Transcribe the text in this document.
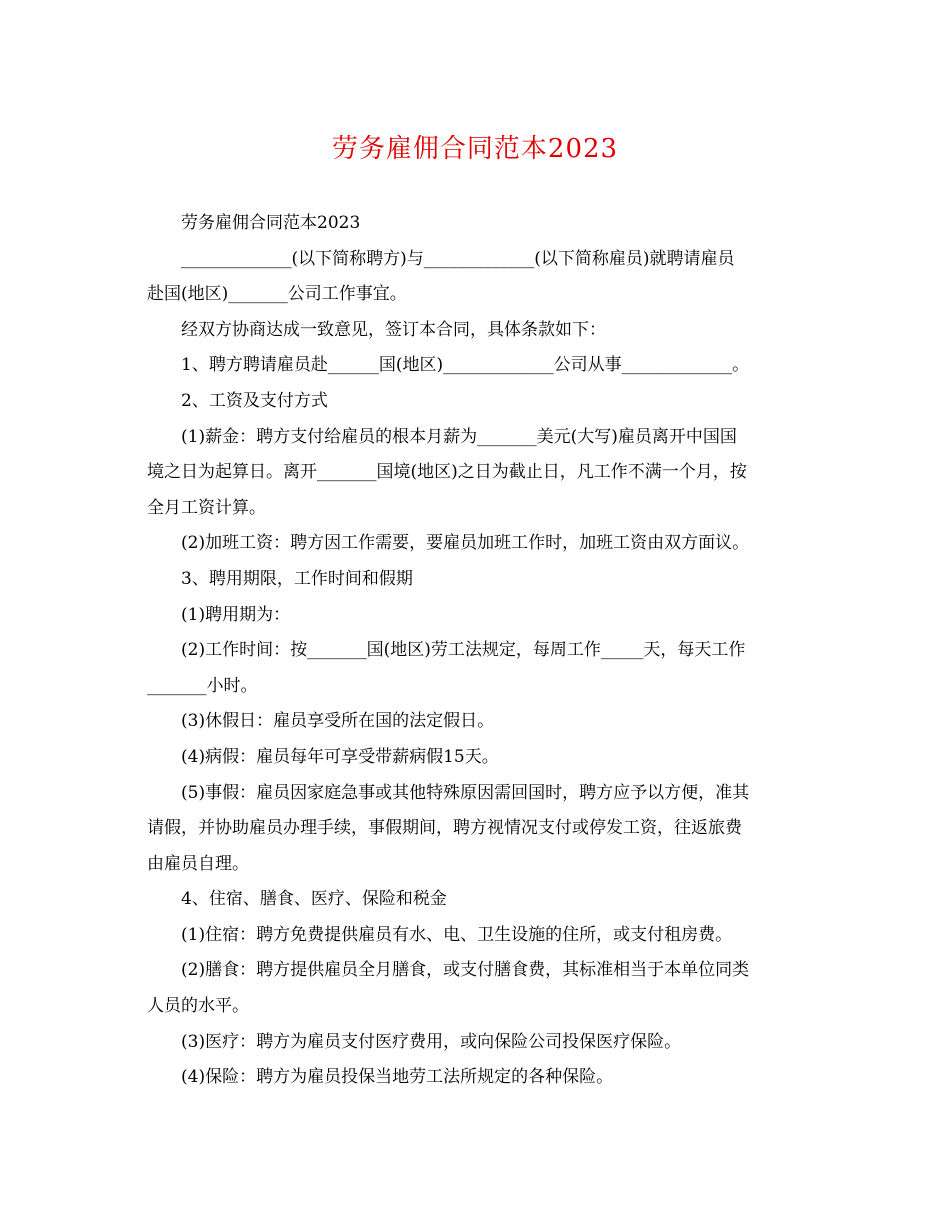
劳务雇佣合同范本2023
劳务雇佣合同范本2023
_____________(以下简称聘方)与_____________(以下简称雇员)就聘请雇员
赴国(地区)_______公司工作事宜。
经双方协商达成一致意见，签订本合同，具体条款如下：
1、聘方聘请雇员赴______国(地区)_____________公司从事_____________。
2、工资及支付方式
(1)薪金：聘方支付给雇员的根本月薪为_______美元(大写)雇员离开中国国
境之日为起算日。离开_______国境(地区)之日为截止日，凡工作不满一个月，按
全月工资计算。
(2)加班工资：聘方因工作需要，要雇员加班工作时，加班工资由双方面议。
3、聘用期限，工作时间和假期
(1)聘用期为：
(2)工作时间：按_______国(地区)劳工法规定，每周工作_____天，每天工作
_______小时。
(3)休假日：雇员享受所在国的法定假日。
(4)病假：雇员每年可享受带薪病假15天。
(5)事假：雇员因家庭急事或其他特殊原因需回国时，聘方应予以方便，准其
请假，并协助雇员办理手续，事假期间，聘方视情况支付或停发工资，往返旅费
由雇员自理。
4、住宿、膳食、医疗、保险和税金
(1)住宿：聘方免费提供雇员有水、电、卫生设施的住所，或支付租房费。
(2)膳食：聘方提供雇员全月膳食，或支付膳食费，其标准相当于本单位同类
人员的水平。
(3)医疗：聘方为雇员支付医疗费用，或向保险公司投保医疗保险。
(4)保险：聘方为雇员投保当地劳工法所规定的各种保险。
